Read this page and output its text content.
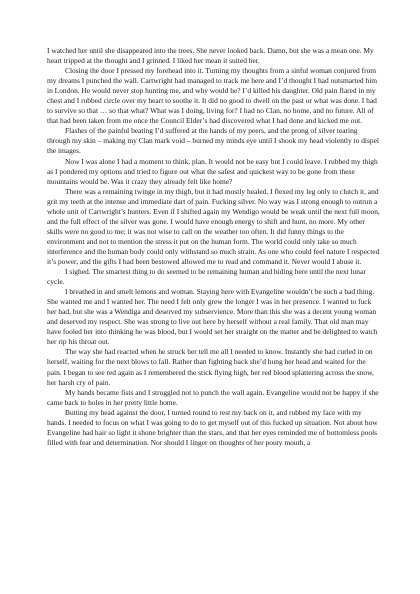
I watched her until she disappeared into the trees. She never looked back. Damn, but she was a mean one. My heart tripped at the thought and I grinned. I liked her mean it suited her.

Closing the door I pressed my forehead into it. Turning my thoughts from a sinful woman conjured from my dreams I punched the wall. Cartwright had managed to track me here and I’d thought I had outsmarted him in London. He would never stop hunting me, and why would he? I’d killed his daughter. Old pain flared in my chest and I rubbed circle over my heart to soothe it. It did no good to dwell on the past or what was done. I had to survive so that … so that what? What was I doing, living for? I had no Clan, no home, and no future. All of that had been taken from me once the Council Elder’s had discovered what I had done and kicked me out.

Flashes of the painful beating I’d suffered at the hands of my peers, and the prong of silver tearing through my skin – making my Clan mark void – burned my minds eye until I shook my head violently to dispel the images.

Now I was alone I had a moment to think, plan. It would not be easy but I could leave. I rubbed my thigh as I pondered my options and tried to figure out what the safest and quickest way to be gone from these mountains would be. Was it crazy they already felt like home?

There was a remaining twinge in my thigh, but it had mostly healed. I flexed my leg only to clutch it, and grit my teeth at the intense and immediate dart of pain. Fucking silver. No way was I strong enough to outrun a whole unit of Cartwright’s hunters. Even if I shifted again my Wendigo would be weak until the next full moon, and the full effect of the silver was gone. I would have enough energy to shift and hunt, no more. My other skills were no good to me; it was not wise to call on the weather too often. It did funny things to the environment and not to mention the stress it put on the human form. The world could only take so much interference and the human body could only withstand so much strain. As one who could feel nature I respected it’s power, and the gifts I had been bestowed allowed me to read and command it. Never would I abuse it.

I sighed. The smartest thing to do seemed to be remaining human and hiding here until the next lunar cycle.

I breathed in and smelt lemons and woman. Staying here with Evangeline wouldn’t be such a bad thing. She wanted me and I wanted her. The need I felt only grew the longer I was in her presence. I wanted to fuck her bad, but she was a Wendiga and deserved my subservience. More than this she was a decent young woman and deserved my respect. She was strong to live out here by herself without a real family. That old man may have fooled her into thinking he was blood, but I would set her straight on the matter and be delighted to watch her rip his throat out.

The way she had reacted when he struck her tell me all I needed to know. Instantly she bad curled in on herself, waiting for the next blows to fall. Rather than fighting back she’d hung her head and waited for the pain. I began to see red again as I remembered the stick flying high, her red blood splattering across the snow, her harsh cry of pain.

My hands became fists and I struggled not to punch the wall again. Evangeline would not be happy if she came back to holes in her pretty little home.

Butting my head against the door, I turned round to rest my back on it, and rubbed my face with my hands. I needed to focus on what I was going to do to get myself out of this fucked up situation. Not about how Evangeline had hair so light it shone brighter than the stars, and that her eyes reminded me of bottomless pools filled with fear and determination. Nor should I linger on thoughts of her pouty mouth, a
